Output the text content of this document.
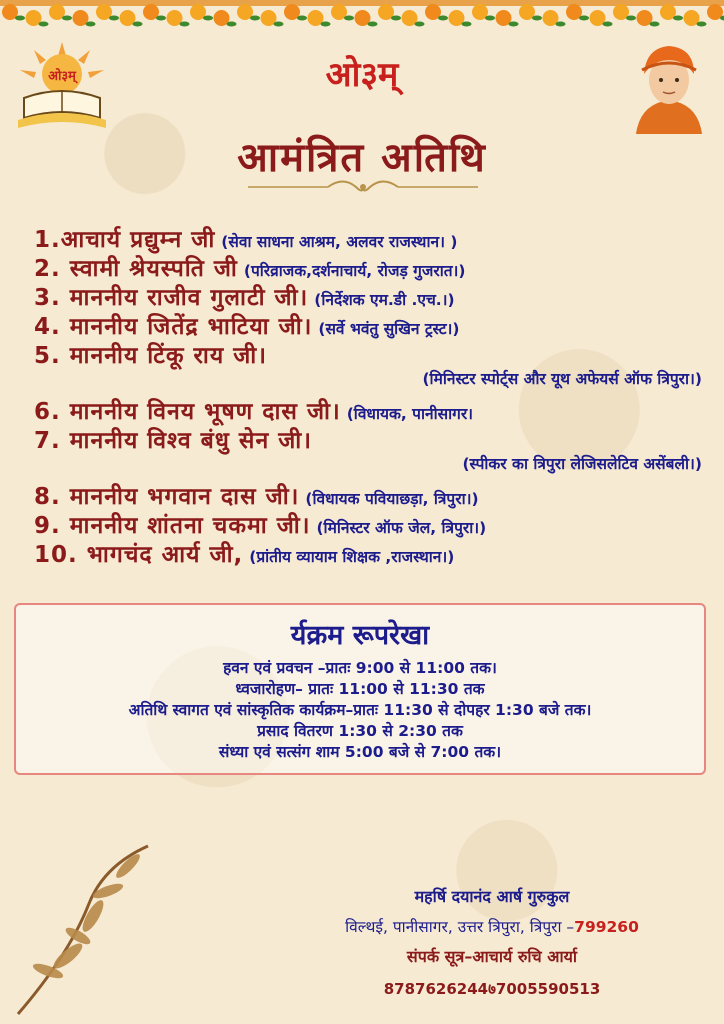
ओ३म्	ओ३म्
आमंत्रित अतिथि
1.आचार्य प्रद्युम्न जी (सेवा साधना आश्रम, अलवर राजस्थान। )
2. स्वामी श्रेयस्पति जी (परिव्राजक,दर्शनाचार्य, रोजड़ गुजरात।)
3. माननीय राजीव गुलाटी जी। (निर्देशक एम.डी .एच.।)
4. माननीय जितेंद्र भाटिया जी। (सर्वे भवंतु सुखिन ट्रस्ट।)
5. माननीय टिंकू राय जी।
(मिनिस्टर स्पोर्ट्स और यूथ अफेयर्स ऑफ त्रिपुरा।)
6. माननीय विनय भूषण दास जी। (विधायक, पानीसागर।
7. माननीय विश्व बंधु सेन जी।
(स्पीकर का त्रिपुरा लेजिसलेटिव असेंबली।)
8. माननीय भगवान दास जी। (विधायक पवियाछड़ा, त्रिपुरा।)
9. माननीय शांतना चकमा जी। (मिनिस्टर ऑफ जेल, त्रिपुरा।)
10. भागचंद आर्य जी, (प्रांतीय व्यायाम शिक्षक ,राजस्थान।)
र्यक्रम रूपरेखा
हवन एवं प्रवचन –प्रातः 9:00 से 11:00 तक।
ध्वजारोहण– प्रातः 11:00 से 11:30 तक
अतिथि स्वागत एवं सांस्कृतिक कार्यक्रम–प्रातः 11:30 से दोपहर 1:30 बजे तक।
प्रसाद वितरण 1:30 से 2:30 तक
संध्या एवं सत्संग शाम 5:00 बजे से 7:00 तक।
महर्षि दयानंद आर्ष गुरुकुल
विल्थई, पानीसागर, उत्तर त्रिपुरा, त्रिपुरा –799260
संपर्क सूत्र–आचार्य रुचि आर्या
8787626244७7005590513
